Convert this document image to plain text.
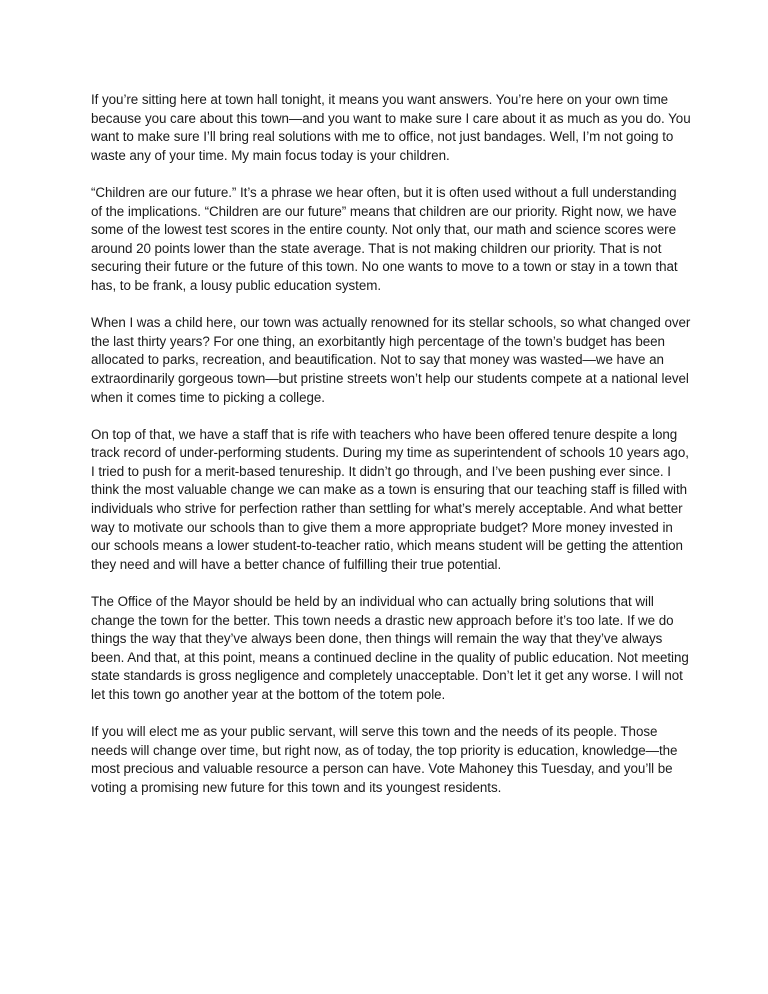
If you’re sitting here at town hall tonight, it means you want answers. You’re here on your own time because you care about this town—and you want to make sure I care about it as much as you do. You want to make sure I’ll bring real solutions with me to office, not just bandages. Well, I’m not going to waste any of your time. My main focus today is your children.

“Children are our future.” It’s a phrase we hear often, but it is often used without a full understanding of the implications. “Children are our future” means that children are our priority. Right now, we have some of the lowest test scores in the entire county. Not only that, our math and science scores were around 20 points lower than the state average. That is not making children our priority. That is not securing their future or the future of this town. No one wants to move to a town or stay in a town that has, to be frank, a lousy public education system.

When I was a child here, our town was actually renowned for its stellar schools, so what changed over the last thirty years? For one thing, an exorbitantly high percentage of the town’s budget has been allocated to parks, recreation, and beautification. Not to say that money was wasted—we have an extraordinarily gorgeous town—but pristine streets won’t help our students compete at a national level when it comes time to picking a college.

On top of that, we have a staff that is rife with teachers who have been offered tenure despite a long track record of under-performing students. During my time as superintendent of schools 10 years ago, I tried to push for a merit-based tenureship. It didn’t go through, and I’ve been pushing ever since. I think the most valuable change we can make as a town is ensuring that our teaching staff is filled with individuals who strive for perfection rather than settling for what’s merely acceptable. And what better way to motivate our schools than to give them a more appropriate budget? More money invested in our schools means a lower student-to-teacher ratio, which means student will be getting the attention they need and will have a better chance of fulfilling their true potential.

The Office of the Mayor should be held by an individual who can actually bring solutions that will change the town for the better. This town needs a drastic new approach before it’s too late. If we do things the way that they’ve always been done, then things will remain the way that they’ve always been. And that, at this point, means a continued decline in the quality of public education. Not meeting state standards is gross negligence and completely unacceptable. Don’t let it get any worse. I will not let this town go another year at the bottom of the totem pole.

If you will elect me as your public servant, will serve this town and the needs of its people. Those needs will change over time, but right now, as of today, the top priority is education, knowledge—the most precious and valuable resource a person can have. Vote Mahoney this Tuesday, and you’ll be voting a promising new future for this town and its youngest residents.
